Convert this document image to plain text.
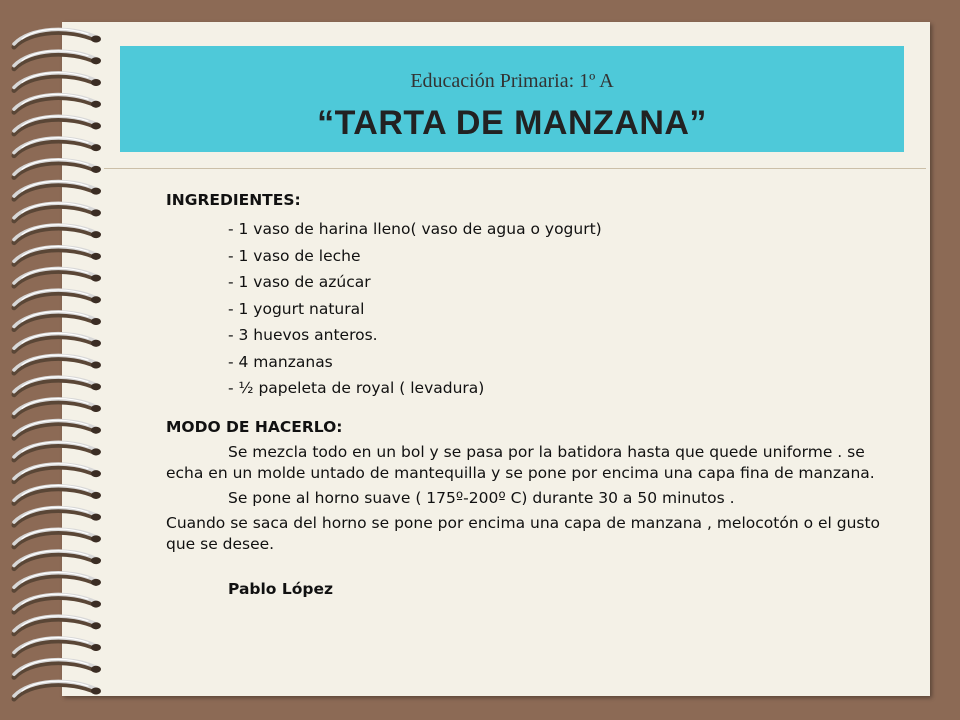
Educación Primaria: 1º A
“TARTA DE MANZANA”
INGREDIENTES:
- 1 vaso de harina lleno( vaso de agua o yogurt)
- 1 vaso de leche
- 1 vaso de azúcar
- 1 yogurt natural
- 3 huevos anteros.
- 4 manzanas
- ½ papeleta de royal ( levadura)
MODO DE HACERLO:

Se mezcla todo en un bol y se pasa por la batidora hasta que quede uniforme . se echa en un molde untado de mantequilla y se pone por encima una capa fina de manzana.

Se pone al horno suave ( 175º-200º C) durante 30 a 50 minutos .

Cuando se saca del horno se pone por encima una capa de manzana , melocotón o el gusto que se desee.

Pablo López
